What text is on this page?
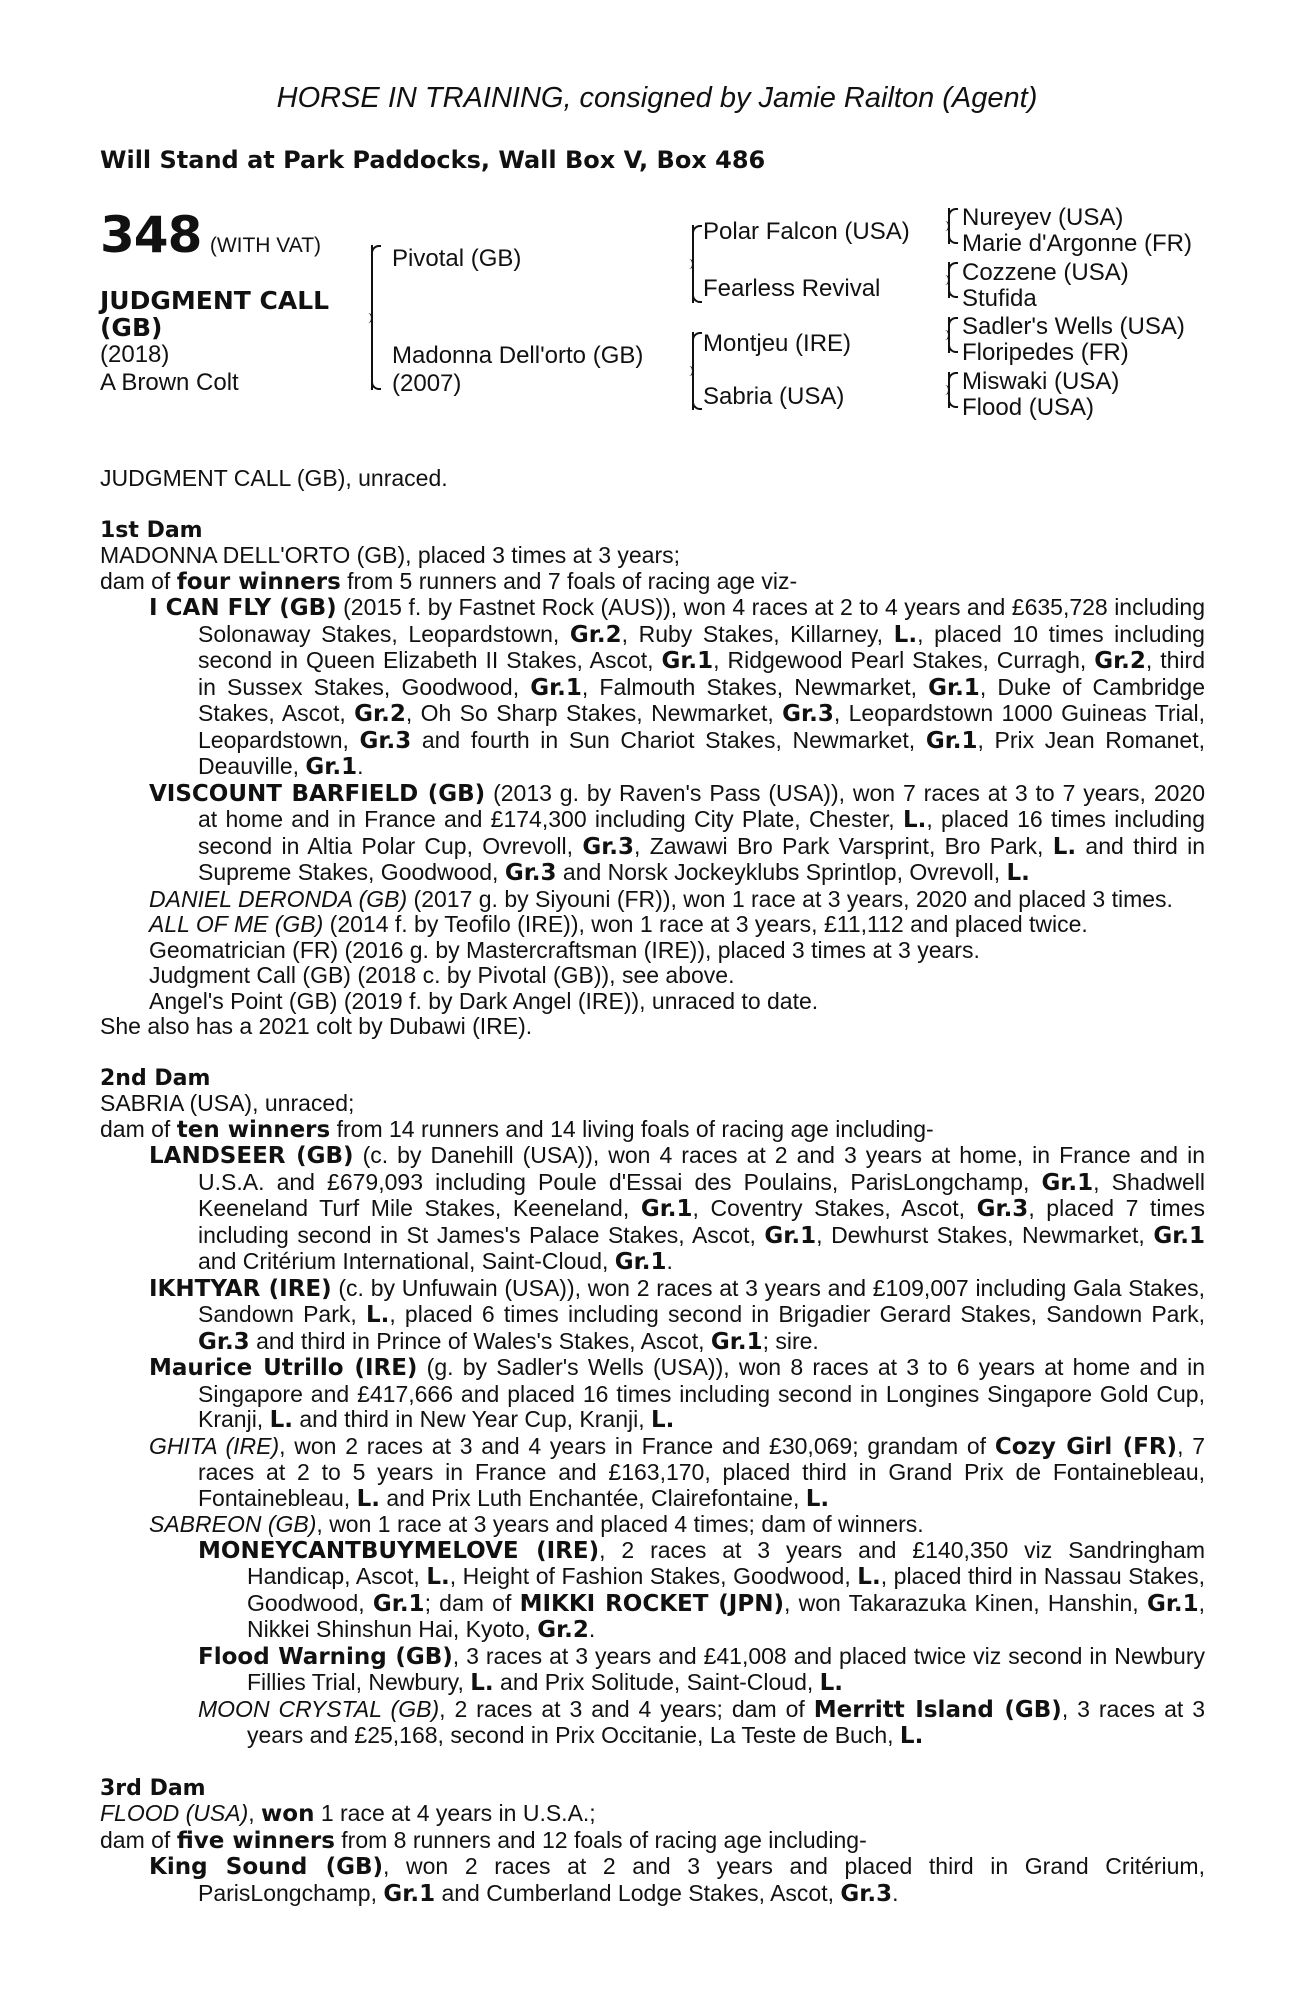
HORSE IN TRAINING, consigned by Jamie Railton (Agent)
Will Stand at Park Paddocks, Wall Box V, Box 486
348 (WITH VAT)
JUDGMENT CALL (GB)
(2018)
A Brown Colt
Pivotal (GB)
Madonna Dell'orto (GB)
(2007)
Polar Falcon (USA)
Fearless Revival
Montjeu (IRE)
Sabria (USA)
Nureyev (USA)
Marie d'Argonne (FR)
Cozzene (USA)
Stufida
Sadler's Wells (USA)
Floripedes (FR)
Miswaki (USA)
Flood (USA)

JUDGMENT CALL (GB), unraced.

1st Dam

MADONNA DELL'ORTO (GB), placed 3 times at 3 years;

dam of four winners from 5 runners and 7 foals of racing age viz-

I CAN FLY (GB) (2015 f. by Fastnet Rock (AUS)), won 4 races at 2 to 4 years and £635,728 including Solonaway Stakes, Leopardstown, Gr.2, Ruby Stakes, Killarney, L., placed 10 times including second in Queen Elizabeth II Stakes, Ascot, Gr.1, Ridgewood Pearl Stakes, Curragh, Gr.2, third in Sussex Stakes, Goodwood, Gr.1, Falmouth Stakes, Newmarket, Gr.1, Duke of Cambridge Stakes, Ascot, Gr.2, Oh So Sharp Stakes, Newmarket, Gr.3, Leopardstown 1000 Guineas Trial, Leopardstown, Gr.3 and fourth in Sun Chariot Stakes, Newmarket, Gr.1, Prix Jean Romanet, Deauville, Gr.1.

VISCOUNT BARFIELD (GB) (2013 g. by Raven's Pass (USA)), won 7 races at 3 to 7 years, 2020 at home and in France and £174,300 including City Plate, Chester, L., placed 16 times including second in Altia Polar Cup, Ovrevoll, Gr.3, Zawawi Bro Park Varsprint, Bro Park, L. and third in Supreme Stakes, Goodwood, Gr.3 and Norsk Jockeyklubs Sprintlop, Ovrevoll, L.

DANIEL DERONDA (GB) (2017 g. by Siyouni (FR)), won 1 race at 3 years, 2020 and placed 3 times.

ALL OF ME (GB) (2014 f. by Teofilo (IRE)), won 1 race at 3 years, £11,112 and placed twice.

Geomatrician (FR) (2016 g. by Mastercraftsman (IRE)), placed 3 times at 3 years.

Judgment Call (GB) (2018 c. by Pivotal (GB)), see above.

Angel's Point (GB) (2019 f. by Dark Angel (IRE)), unraced to date.

She also has a 2021 colt by Dubawi (IRE).

2nd Dam

SABRIA (USA), unraced;

dam of ten winners from 14 runners and 14 living foals of racing age including-

LANDSEER (GB) (c. by Danehill (USA)), won 4 races at 2 and 3 years at home, in France and in U.S.A. and £679,093 including Poule d'Essai des Poulains, ParisLongchamp, Gr.1, Shadwell Keeneland Turf Mile Stakes, Keeneland, Gr.1, Coventry Stakes, Ascot, Gr.3, placed 7 times including second in St James's Palace Stakes, Ascot, Gr.1, Dewhurst Stakes, Newmarket, Gr.1 and Critérium International, Saint-Cloud, Gr.1.

IKHTYAR (IRE) (c. by Unfuwain (USA)), won 2 races at 3 years and £109,007 including Gala Stakes, Sandown Park, L., placed 6 times including second in Brigadier Gerard Stakes, Sandown Park, Gr.3 and third in Prince of Wales's Stakes, Ascot, Gr.1; sire.

Maurice Utrillo (IRE) (g. by Sadler's Wells (USA)), won 8 races at 3 to 6 years at home and in Singapore and £417,666 and placed 16 times including second in Longines Singapore Gold Cup, Kranji, L. and third in New Year Cup, Kranji, L.

GHITA (IRE), won 2 races at 3 and 4 years in France and £30,069; grandam of Cozy Girl (FR), 7 races at 2 to 5 years in France and £163,170, placed third in Grand Prix de Fontainebleau, Fontainebleau, L. and Prix Luth Enchantée, Clairefontaine, L.

SABREON (GB), won 1 race at 3 years and placed 4 times; dam of winners.

MONEYCANTBUYMELOVE (IRE), 2 races at 3 years and £140,350 viz Sandringham Handicap, Ascot, L., Height of Fashion Stakes, Goodwood, L., placed third in Nassau Stakes, Goodwood, Gr.1; dam of MIKKI ROCKET (JPN), won Takarazuka Kinen, Hanshin, Gr.1, Nikkei Shinshun Hai, Kyoto, Gr.2.

Flood Warning (GB), 3 races at 3 years and £41,008 and placed twice viz second in Newbury Fillies Trial, Newbury, L. and Prix Solitude, Saint-Cloud, L.

MOON CRYSTAL (GB), 2 races at 3 and 4 years; dam of Merritt Island (GB), 3 races at 3 years and £25,168, second in Prix Occitanie, La Teste de Buch, L.

3rd Dam

FLOOD (USA), won 1 race at 4 years in U.S.A.;

dam of five winners from 8 runners and 12 foals of racing age including-

King Sound (GB), won 2 races at 2 and 3 years and placed third in Grand Critérium, ParisLongchamp, Gr.1 and Cumberland Lodge Stakes, Ascot, Gr.3.
